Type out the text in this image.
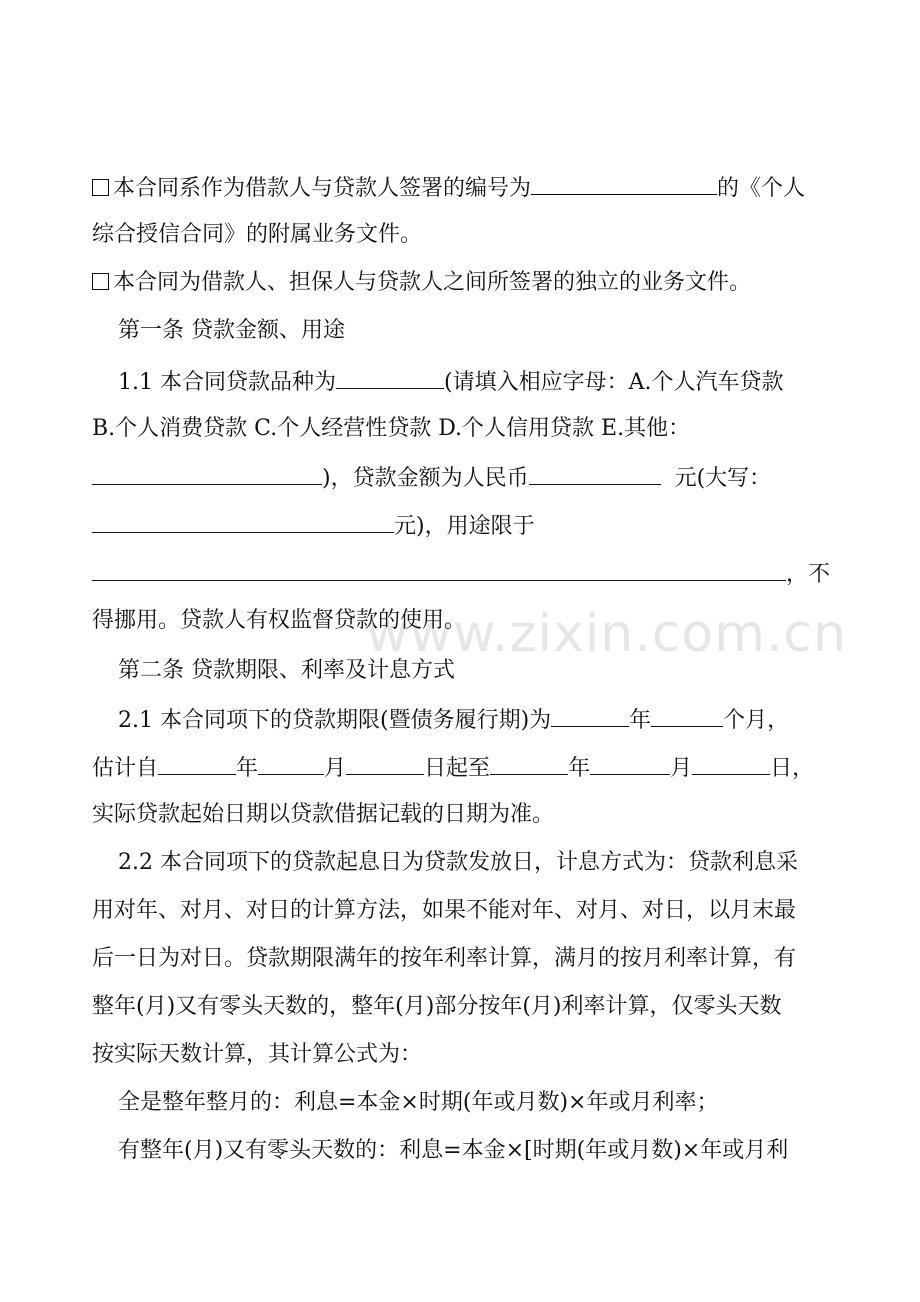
www.zixin.com.cn
本合同系作为借款人与贷款人签署的编号为	的《个人
综合授信合同》的附属业务文件。
本合同为借款人、担保人与贷款人之间所签署的独立的业务文件。
第一条 贷款金额、用途
1.1 本合同贷款品种为	(请填入相应字母：A.个人汽车贷款
B.个人消费贷款 C.个人经营性贷款 D.个人信用贷款 E.其他：
)，贷款金额为人民币	元(大写：
元)，用途限于
，不
得挪用。贷款人有权监督贷款的使用。
第二条 贷款期限、利率及计息方式
2.1 本合同项下的贷款期限(暨债务履行期)为	年	个月，
估计自	年	月	日起至	年	月	日，
实际贷款起始日期以贷款借据记载的日期为准。
2.2 本合同项下的贷款起息日为贷款发放日，计息方式为：贷款利息采
用对年、对月、对日的计算方法，如果不能对年、对月、对日，以月末最
后一日为对日。贷款期限满年的按年利率计算，满月的按月利率计算，有
整年(月)又有零头天数的，整年(月)部分按年(月)利率计算，仅零头天数
按实际天数计算，其计算公式为：
全是整年整月的：利息=本金×时期(年或月数)×年或月利率；
有整年(月)又有零头天数的：利息=本金×[时期(年或月数)×年或月利
